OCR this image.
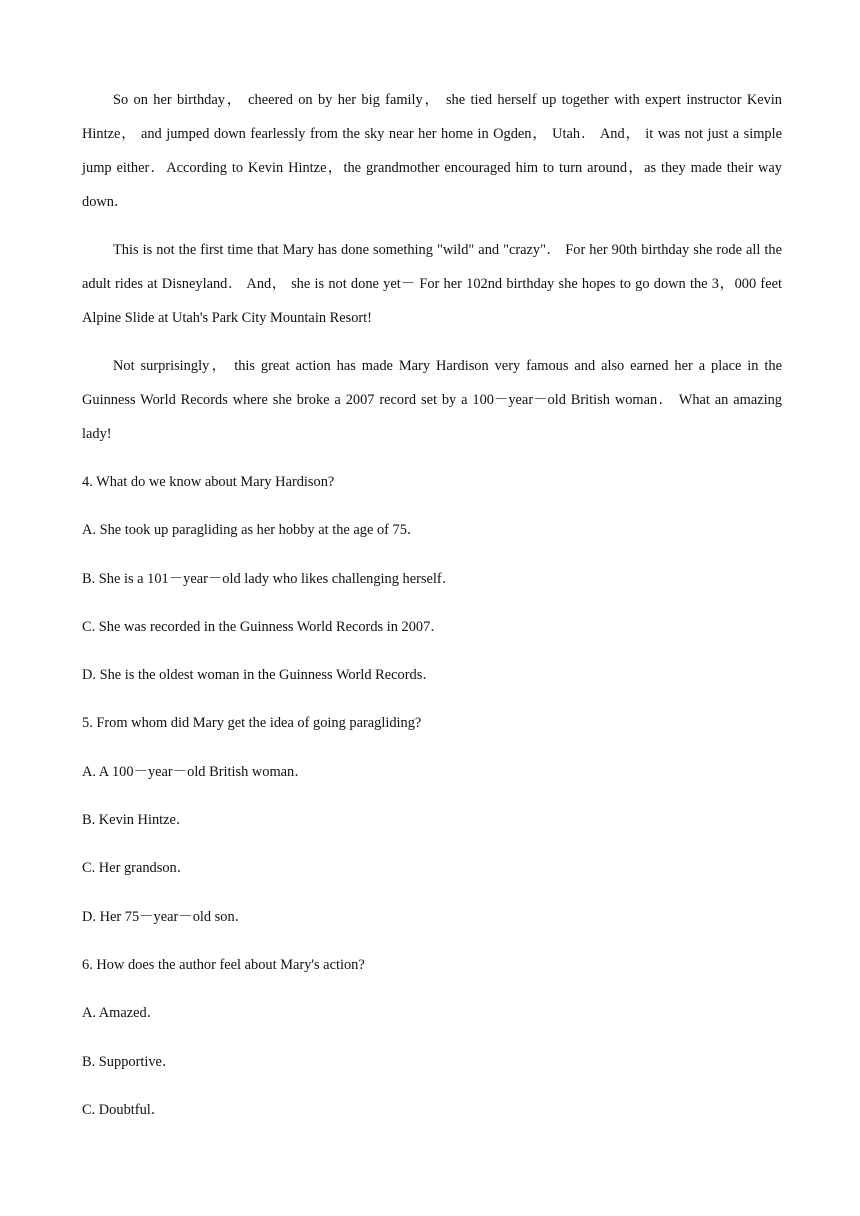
So on her birthday， cheered on by her big family， she tied herself up together with expert instructor Kevin Hintze， and jumped down fearlessly from the sky near her home in Ogden， Utah． And， it was not just a simple jump either．According to Kevin Hintze，the grandmother encouraged him to turn around，as they made their way down．

This is not the first time that Mary has done something "wild" and "crazy"． For her 90th birthday she rode all the adult rides at Disneyland． And， she is not done yet－ For her 102nd birthday she hopes to go down the 3，000 feet Alpine Slide at Utah's Park City Mountain Resort!

Not surprisingly， this great action has made Mary Hardison very famous and also earned her a place in the Guinness World Records where she broke a 2007 record set by a 100－year－old British woman． What an amazing lady!

4. What do we know about Mary Hardison?

A. She took up paragliding as her hobby at the age of 75．

B. She is a 101－year－old lady who likes challenging herself．

C. She was recorded in the Guinness World Records in 2007．

D. She is the oldest woman in the Guinness World Records．

5. From whom did Mary get the idea of going paragliding?

A. A 100－year－old British woman．

B. Kevin Hintze．

C. Her grandson．

D. Her 75－year－old son．

6. How does the author feel about Mary's action?

A. Amazed．

B. Supportive．

C. Doubtful．
